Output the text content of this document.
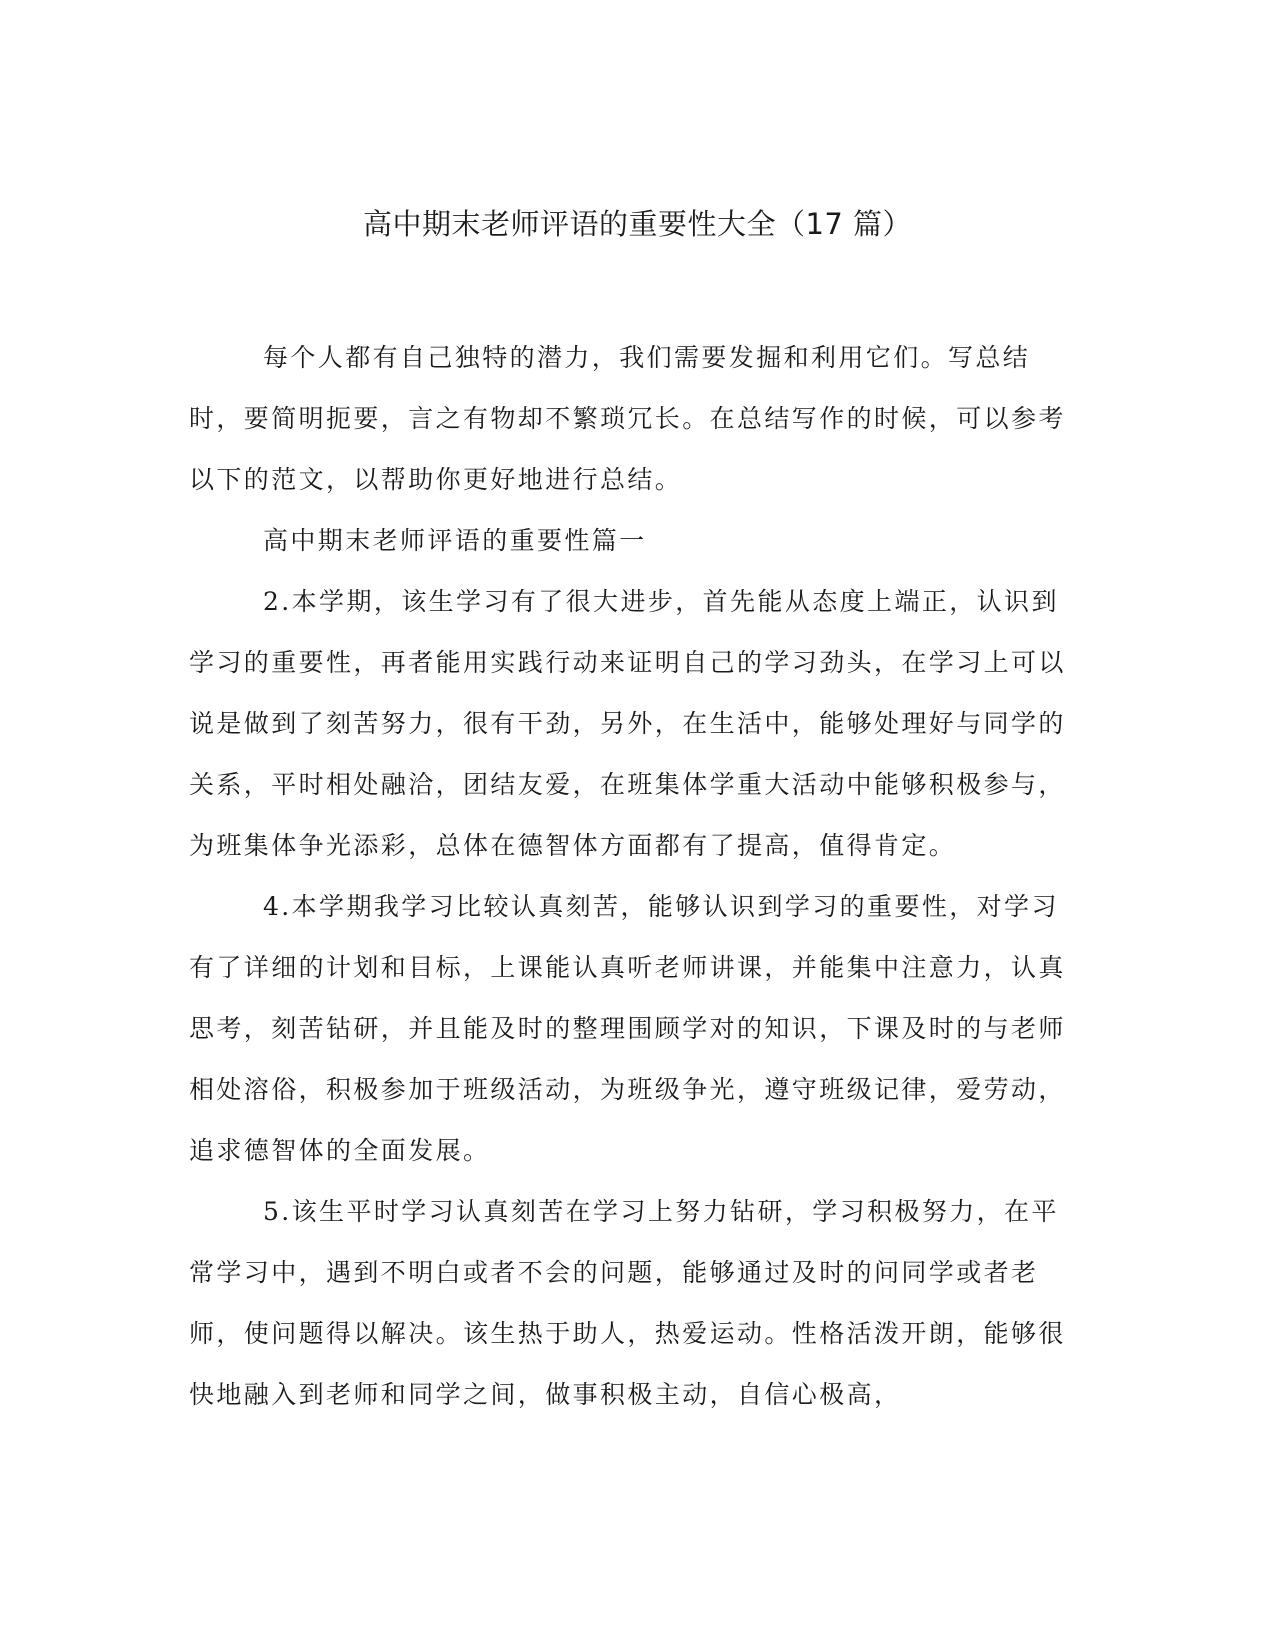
高中期末老师评语的重要性大全（17 篇）

每个人都有自己独特的潜力，我们需要发掘和利用它们。写总结时，要简明扼要，言之有物却不繁琐冗长。在总结写作的时候，可以参考以下的范文，以帮助你更好地进行总结。

高中期末老师评语的重要性篇一

2.本学期，该生学习有了很大进步，首先能从态度上端正，认识到学习的重要性，再者能用实践行动来证明自己的学习劲头，在学习上可以说是做到了刻苦努力，很有干劲，另外，在生活中，能够处理好与同学的关系，平时相处融洽，团结友爱，在班集体学重大活动中能够积极参与，为班集体争光添彩，总体在德智体方面都有了提高，值得肯定。

4.本学期我学习比较认真刻苦，能够认识到学习的重要性，对学习有了详细的计划和目标，上课能认真听老师讲课，并能集中注意力，认真思考，刻苦钻研，并且能及时的整理围顾学对的知识，下课及时的与老师相处溶俗，积极参加于班级活动，为班级争光，遵守班级记律，爱劳动，追求德智体的全面发展。

5.该生平时学习认真刻苦在学习上努力钻研，学习积极努力，在平常学习中，遇到不明白或者不会的问题，能够通过及时的问同学或者老师，使问题得以解决。该生热于助人，热爱运动。性格活泼开朗，能够很快地融入到老师和同学之间，做事积极主动，自信心极高，
